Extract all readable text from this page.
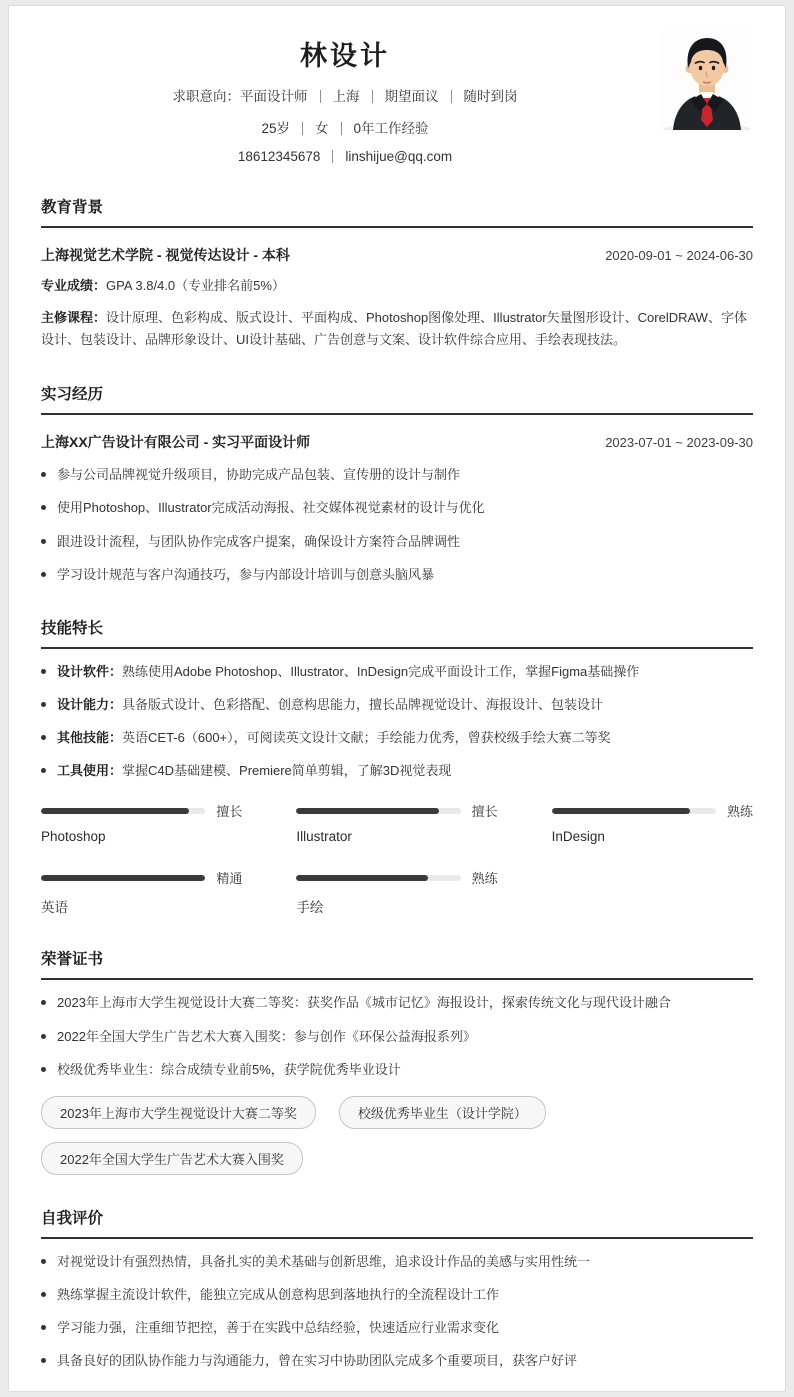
林设计
求职意向：平面设计师 上海 期望面议 随时到岗
25岁 女 0年工作经验
18612345678 linshijue@qq.com
教育背景
上海视觉艺术学院 - 视觉传达设计 - 本科	2020-09-01 ~ 2024-06-30

专业成绩：GPA 3.8/4.0（专业排名前5%）

主修课程：设计原理、色彩构成、版式设计、平面构成、Photoshop图像处理、Illustrator矢量图形设计、CorelDRAW、字体设计、包装设计、品牌形象设计、UI设计基础、广告创意与文案、设计软件综合应用、手绘表现技法。

实习经历
上海XX广告设计有限公司 - 实习平面设计师	2023-07-01 ~ 2023-09-30
参与公司品牌视觉升级项目，协助完成产品包装、宣传册的设计与制作
使用Photoshop、Illustrator完成活动海报、社交媒体视觉素材的设计与优化
跟进设计流程，与团队协作完成客户提案，确保设计方案符合品牌调性
学习设计规范与客户沟通技巧，参与内部设计培训与创意头脑风暴
技能特长
设计软件：熟练使用Adobe Photoshop、Illustrator、InDesign完成平面设计工作，掌握Figma基础操作
设计能力：具备版式设计、色彩搭配、创意构思能力，擅长品牌视觉设计、海报设计、包装设计
其他技能：英语CET-6（600+），可阅读英文设计文献；手绘能力优秀，曾获校级手绘大赛二等奖
工具使用：掌握C4D基础建模、Premiere简单剪辑，了解3D视觉表现
擅长
Photoshop
擅长
Illustrator
熟练
InDesign
精通
英语
熟练
手绘
荣誉证书
2023年上海市大学生视觉设计大赛二等奖：获奖作品《城市记忆》海报设计，探索传统文化与现代设计融合
2022年全国大学生广告艺术大赛入围奖：参与创作《环保公益海报系列》
校级优秀毕业生：综合成绩专业前5%，获学院优秀毕业设计
2023年上海市大学生视觉设计大赛二等奖	校级优秀毕业生（设计学院）
2022年全国大学生广告艺术大赛入围奖
自我评价
对视觉设计有强烈热情，具备扎实的美术基础与创新思维，追求设计作品的美感与实用性统一
熟练掌握主流设计软件，能独立完成从创意构思到落地执行的全流程设计工作
学习能力强，注重细节把控，善于在实践中总结经验，快速适应行业需求变化
具备良好的团队协作能力与沟通能力，曾在实习中协助团队完成多个重要项目，获客户好评
